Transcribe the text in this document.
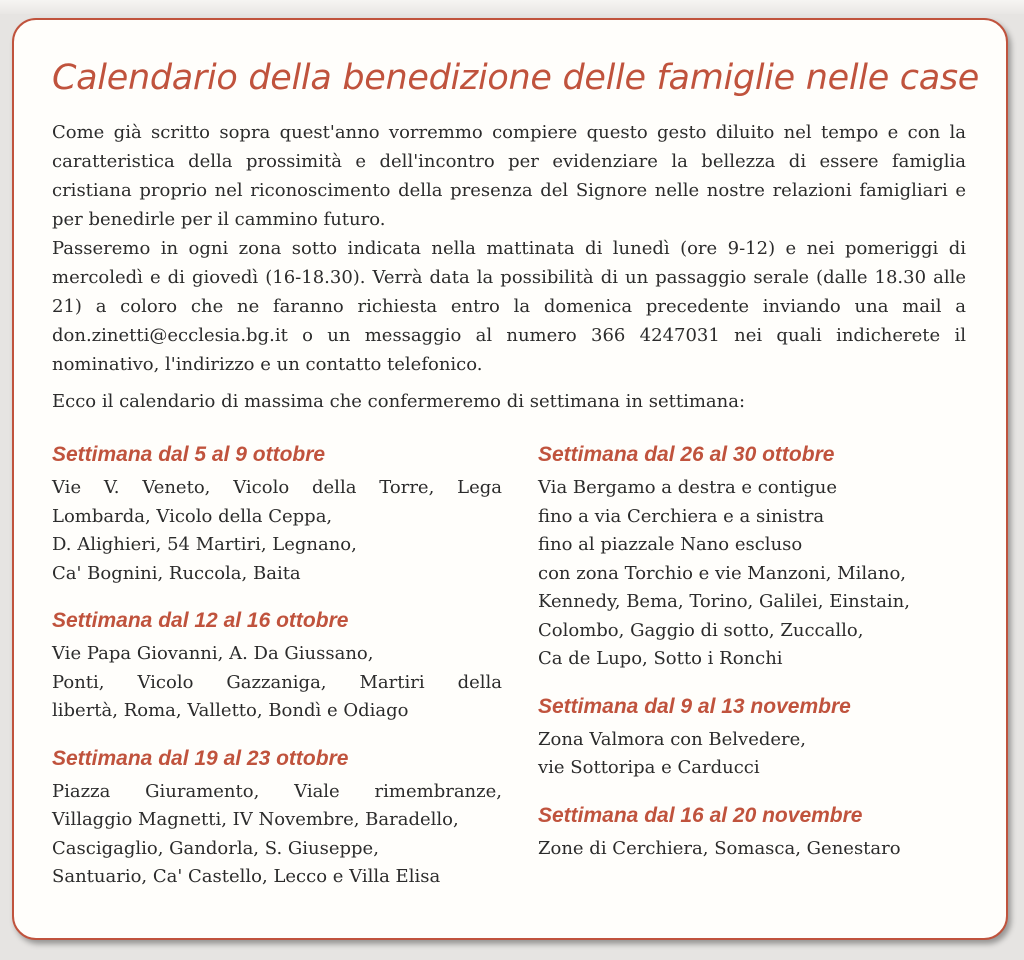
Calendario della benedizione delle famiglie nelle case

Come già scritto sopra quest'anno vorremmo compiere questo gesto diluito nel tempo e con la caratteristica della prossimità e dell'incontro per evidenziare la bellezza di essere famiglia cristiana proprio nel riconoscimento della presenza del Signore nelle nostre relazioni famigliari e per benedirle per il cammino futuro.

Passeremo in ogni zona sotto indicata nella mattinata di lunedì (ore 9-12) e nei pomeriggi di mercoledì e di giovedì (16-18.30). Verrà data la possibilità di un passaggio serale (dalle 18.30 alle 21) a coloro che ne faranno richiesta entro la domenica precedente inviando una mail a don.zinetti@ecclesia.bg.it o un messaggio al numero 366 4247031 nei quali indicherete il nominativo, l'indirizzo e un contatto telefonico.

Ecco il calendario di massima che confermeremo di settimana in settimana:

Settimana dal 5 al 9 ottobre
Vie V. Veneto, Vicolo della Torre, Lega
Lombarda, Vicolo della Ceppa,
D. Alighieri, 54 Martiri, Legnano,
Ca' Bognini, Ruccola, Baita
Settimana dal 12 al 16 ottobre
Vie Papa Giovanni, A. Da Giussano,
Ponti, Vicolo Gazzaniga, Martiri della
libertà, Roma, Valletto, Bondì e Odiago
Settimana dal 19 al 23 ottobre
Piazza Giuramento, Viale rimembranze,
Villaggio Magnetti, IV Novembre, Baradello,
Cascigaglio, Gandorla, S. Giuseppe,
Santuario, Ca' Castello, Lecco e Villa Elisa
Settimana dal 26 al 30 ottobre
Via Bergamo a destra e contigue
fino a via Cerchiera e a sinistra
fino al piazzale Nano escluso
con zona Torchio e vie Manzoni, Milano,
Kennedy, Bema, Torino, Galilei, Einstain,
Colombo, Gaggio di sotto, Zuccallo,
Ca de Lupo, Sotto i Ronchi
Settimana dal 9 al 13 novembre
Zona Valmora con Belvedere,
vie Sottoripa e Carducci
Settimana dal 16 al 20 novembre
Zone di Cerchiera, Somasca, Genestaro
